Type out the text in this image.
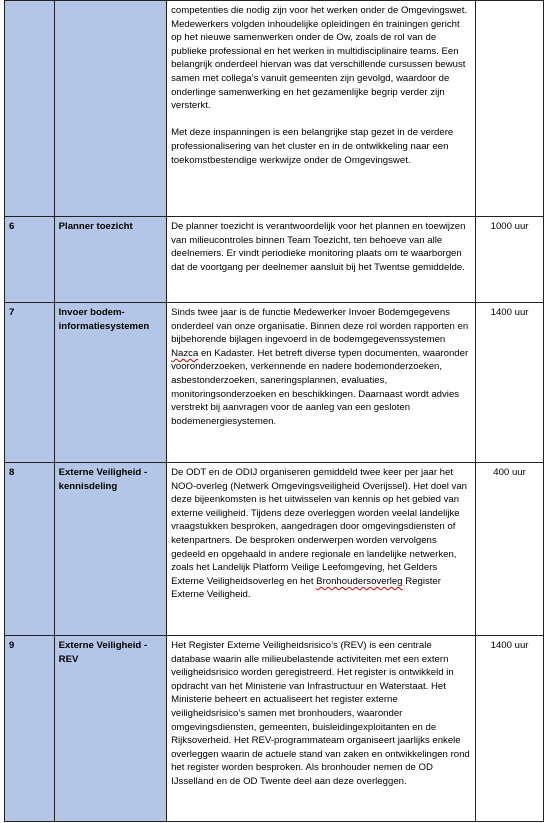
		competenties die nodig zijn voor het werken onder de Omgevingswet. Medewerkers volgden inhoudelijke opleidingen én trainingen gericht op het nieuwe samenwerken onder de Ow, zoals de rol van de publieke professional en het werken in multidisciplinaire teams. Een belangrijk onderdeel hiervan was dat verschillende cursussen bewust samen met collega’s vanuit gemeenten zijn gevolgd, waardoor de onderlinge samenwerking en het gezamenlijke begrip verder zijn versterkt.

Met deze inspanningen is een belangrijke stap gezet in de verdere professionalisering van het cluster en in de ontwikkeling naar een toekomstbestendige werkwijze onder de Omgevingswet.	

6	Planner toezicht	De planner toezicht is verantwoordelijk voor het plannen en toewijzen van milieucontroles binnen Team Toezicht, ten behoeve van alle deelnemers. Er vindt periodieke monitoring plaats om te waarborgen dat de voortgang per deelnemer aansluit bij het Twentse gemiddelde.	1000 uur
7	Invoer bodem-informatiesystemen	Sinds twee jaar is de functie Medewerker Invoer Bodemgegevens onderdeel van onze organisatie. Binnen deze rol worden rapporten en bijbehorende bijlagen ingevoerd in de bodemgegevenssystemen Nazca en Kadaster. Het betreft diverse typen documenten, waaronder vooronderzoeken, verkennende en nadere bodemonderzoeken, asbestonderzoeken, saneringsplannen, evaluaties, monitoringsonderzoeken en beschikkingen. Daarnaast wordt advies verstrekt bij aanvragen voor de aanleg van een gesloten bodemenergiesystemen.	1400 uur
8	Externe Veiligheid - kennisdeling	De ODT en de ODIJ organiseren gemiddeld twee keer per jaar het NOO-overleg (Netwerk Omgevingsveiligheid Overijssel). Het doel van deze bijeenkomsten is het uitwisselen van kennis op het gebied van externe veiligheid. Tijdens deze overleggen worden veelal landelijke vraagstukken besproken, aangedragen door omgevingsdiensten of ketenpartners. De besproken onderwerpen worden vervolgens gedeeld en opgehaald in andere regionale en landelijke netwerken, zoals het Landelijk Platform Veilige Leefomgeving, het Gelders Externe Veiligheidsoverleg en het Bronhoudersoverleg Register Externe Veiligheid.	400 uur
9	Externe Veiligheid - REV	Het Register Externe Veiligheidsrisico’s (REV) is een centrale database waarin alle milieubelastende activiteiten met een extern veiligheidsrisico worden geregistreerd. Het register is ontwikkeld in opdracht van het Ministerie van Infrastructuur en Waterstaat. Het Ministerie beheert en actualiseert het register externe veiligheidsrisico’s samen met bronhouders, waaronder omgevingsdiensten, gemeenten, buisleidingexploitanten en de Rijksoverheid. Het REV-programmateam organiseert jaarlijks enkele overleggen waarin de actuele stand van zaken en ontwikkelingen rond het register worden besproken. Als bronhouder nemen de OD IJsselland en de OD Twente deel aan deze overleggen.	1400 uur
